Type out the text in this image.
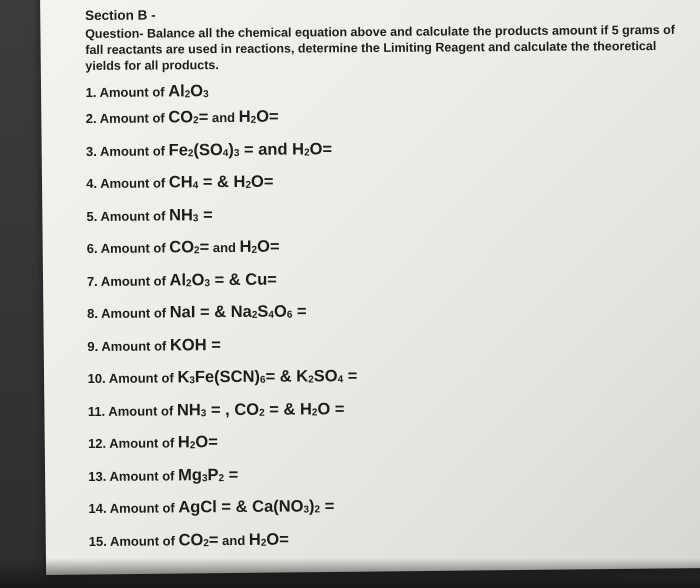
Section B -
Question- Balance all the chemical equation above and calculate the products amount if 5 grams of fall reactants are used in reactions, determine the Limiting Reagent and calculate the theoretical yields for all products.
1. Amount of $Al_2O_3$
2. Amount of $CO_2=$ and $H_2O=$
3. Amount of $Fe_2(SO_4)_3$ = and $H_2O=$
4. Amount of $CH_4$ = & $H_2O=$
5. Amount of $NH_3$ =
6. Amount of $CO_2=$ and $H_2O=$
7. Amount of $Al_2O_3$ = & Cu=
8. Amount of NaI = & $Na_2S_4O_6$ =
9. Amount of KOH =
10. Amount of $K_3Fe(SCN)_6=$ & $K_2SO_4$ =
11. Amount of $NH_3$ = , $CO_2$ = & $H_2O$ =
12. Amount of $H_2O=$
13. Amount of $Mg_3P_2$ =
14. Amount of AgCl = & $Ca(NO_3)_2$ =
15. Amount of $CO_2=$ and $H_2O=$
